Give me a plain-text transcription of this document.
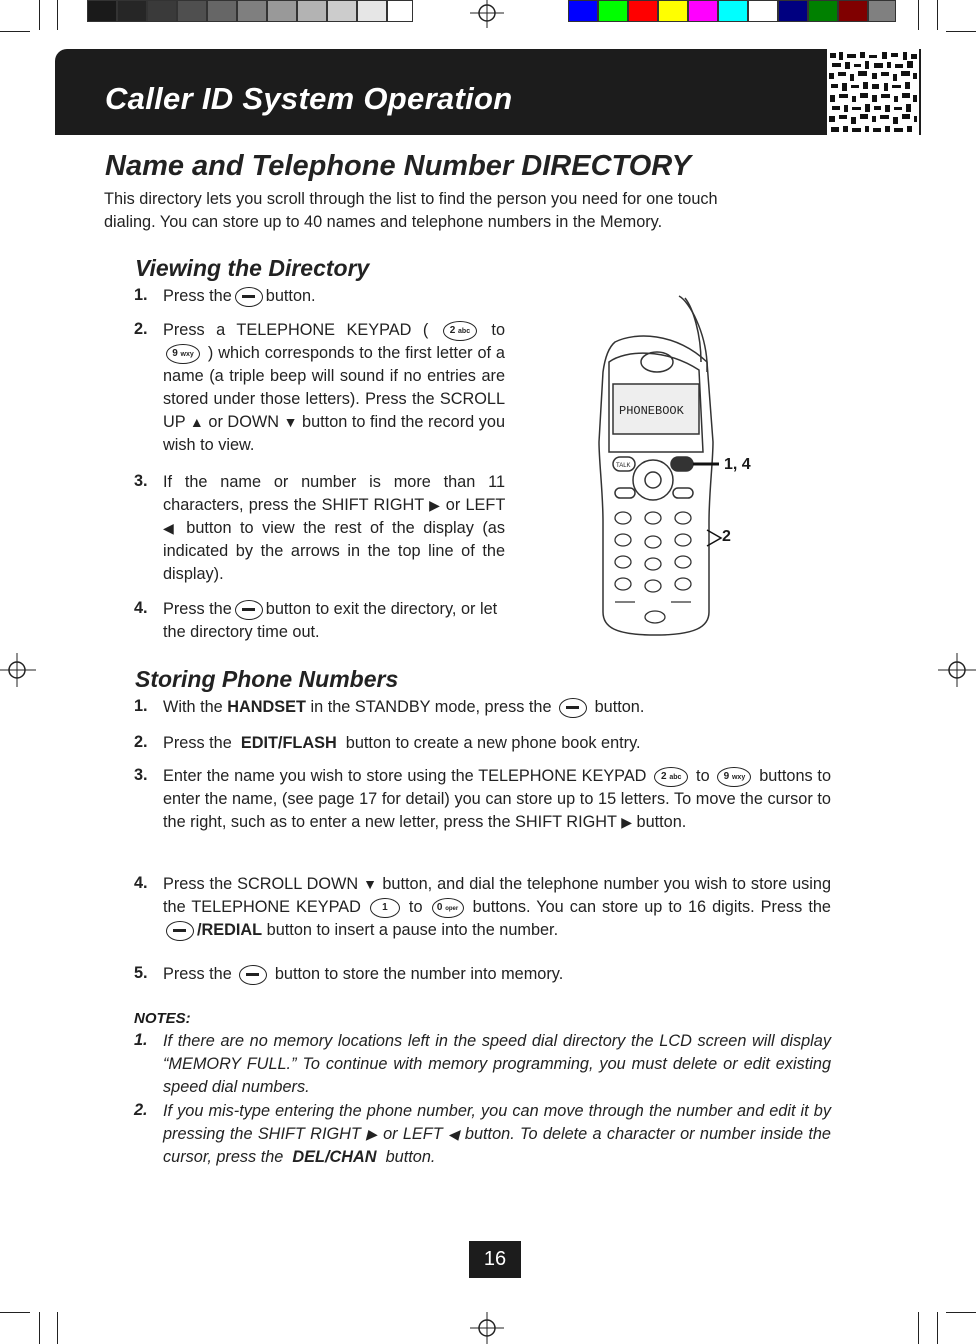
Caller ID System Operation
Name and Telephone Number DIRECTORY
This directory lets you scroll through the list to find the person you need for one touch
dialing. You can store up to 40 names and telephone numbers in the Memory.
Viewing the Directory
1. Press the button.
2. Press a TELEPHONE KEYPAD ( 2 abc to 9 wxy ) which corresponds to the first letter of a name (a triple beep will sound if no entries are stored under those letters). Press the SCROLL UP ▲ or DOWN ▼ button to find the record you wish to view.
3. If the name or number is more than 11 characters, press the SHIFT RIGHT ▶ or LEFT ◀ button to view the rest of the display (as indicated by the arrows in the top line of the display).
4. Press the button to exit the directory, or let the directory time out.
PHONEBOOK
TALK	1, 4
2
Storing Phone Numbers
1. With the HANDSET in the STANDBY mode, press the	button.
2. Press the EDIT/FLASH button to create a new phone book entry.
3. Enter the name you wish to store using the TELEPHONE KEYPAD 2 abc to 9 wxy buttons to enter the name, (see page 17 for detail) you can store up to 15 letters. To move the cursor to the right, such as to enter a new letter, press the SHIFT RIGHT ▶ button.
4. Press the SCROLL DOWN ▼ button, and dial the telephone number you wish to store using the TELEPHONE KEYPAD 1 to 0 oper buttons. You can store up to 16 digits. Press the /REDIAL button to insert a pause into the number.
5. Press the	button to store the number into memory.
NOTES:
1. If there are no memory locations left in the speed dial directory the LCD screen will display “MEMORY FULL.” To continue with memory programming, you must delete or edit existing speed dial numbers.
2. If you mis-type entering the phone number, you can move through the number and edit it by pressing the SHIFT RIGHT ▶ or LEFT ◀ button. To delete a character or number inside the cursor, press the DEL/CHAN button.
16
